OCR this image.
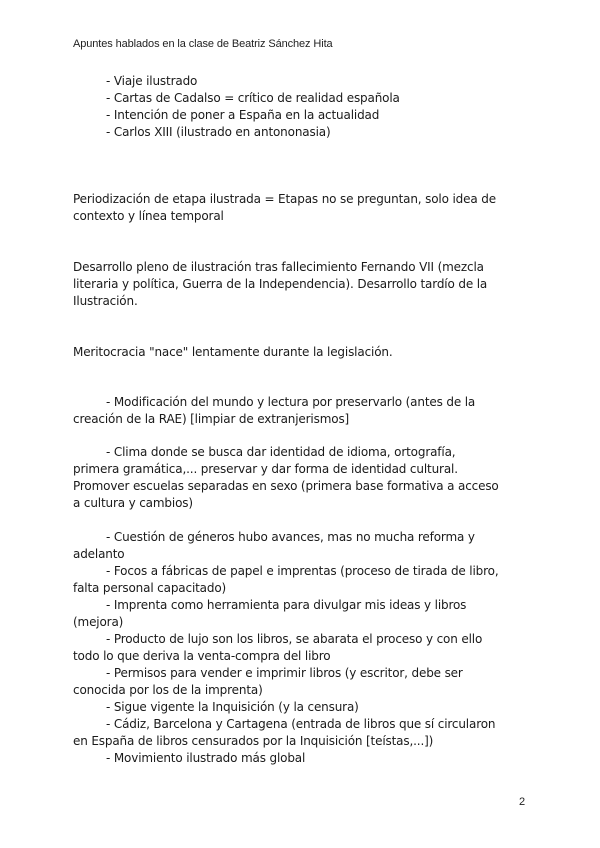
Apuntes hablados en la clase de Beatriz Sánchez Hita
- Viaje ilustrado
- Cartas de Cadalso = crítico de realidad española
- Intención de poner a España en la actualidad
- Carlos XIII (ilustrado en antononasia)
Periodización de etapa ilustrada = Etapas no se preguntan, solo idea de
contexto y línea temporal
Desarrollo pleno de ilustración tras fallecimiento Fernando VII (mezcla
literaria y política, Guerra de la Independencia). Desarrollo tardío de la
Ilustración.
Meritocracia "nace" lentamente durante la legislación.
- Modificación del mundo y lectura por preservarlo (antes de la
creación de la RAE) [limpiar de extranjerismos]
- Clima donde se busca dar identidad de idioma, ortografía,
primera gramática,... preservar y dar forma de identidad cultural.
Promover escuelas separadas en sexo (primera base formativa a acceso
a cultura y cambios)
- Cuestión de géneros hubo avances, mas no mucha reforma y
adelanto
- Focos a fábricas de papel e imprentas (proceso de tirada de libro,
falta personal capacitado)
- Imprenta como herramienta para divulgar mis ideas y libros
(mejora)
- Producto de lujo son los libros, se abarata el proceso y con ello
todo lo que deriva la venta-compra del libro
- Permisos para vender e imprimir libros (y escritor, debe ser
conocida por los de la imprenta)
- Sigue vigente la Inquisición (y la censura)
- Cádiz, Barcelona y Cartagena (entrada de libros que sí circularon
en España de libros censurados por la Inquisición [teístas,...])
- Movimiento ilustrado más global
2
